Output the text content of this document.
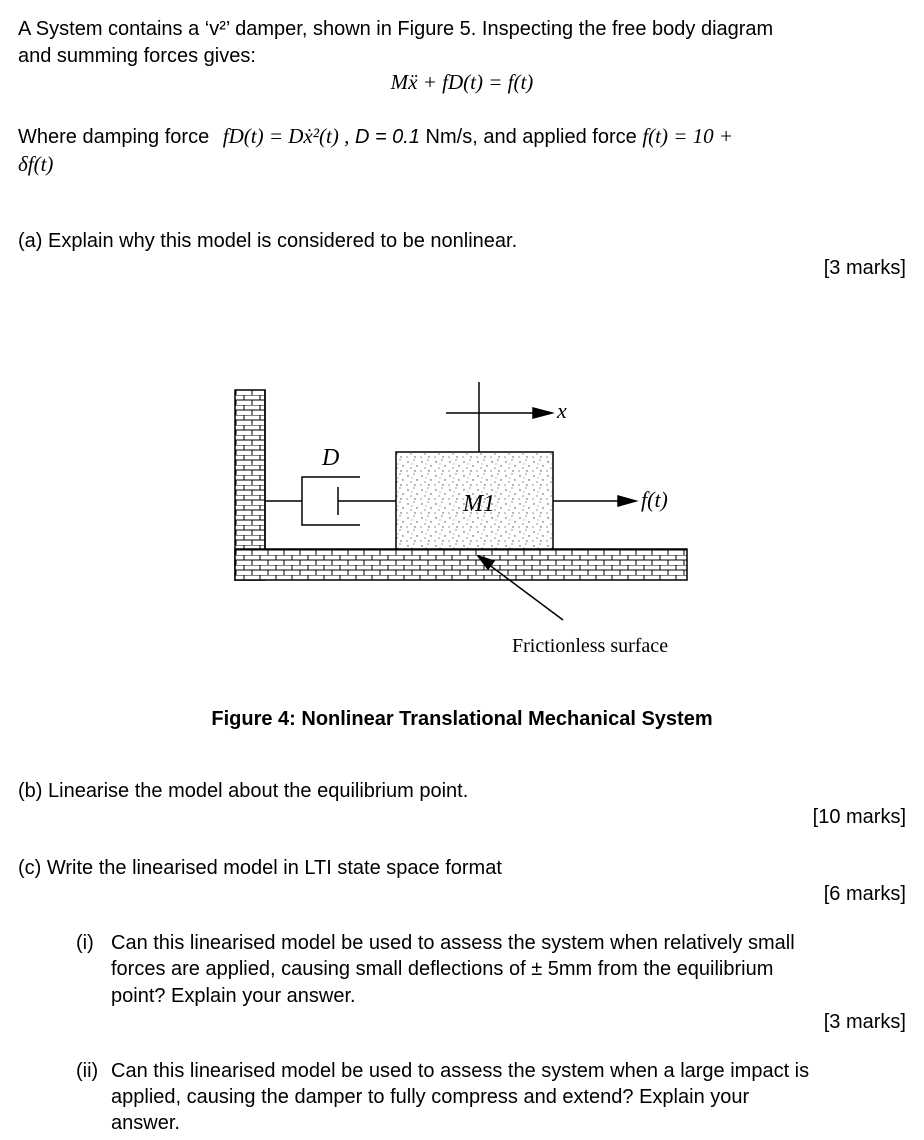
A System contains a ‘v²’ damper, shown in Figure 5. Inspecting the free body diagram
and summing forces gives:
Mẍ + fD(t) = f(t)
Where damping force fD(t) = Dẋ²(t) , D = 0.1 Nm/s, and applied force f(t) = 10 +
δf(t)
(a) Explain why this model is considered to be nonlinear.
[3 marks]
D
M1
x
f(t)
Frictionless surface
Figure 4: Nonlinear Translational Mechanical System
(b) Linearise the model about the equilibrium point.
[10 marks]
(c) Write the linearised model in LTI state space format
[6 marks]
(i) Can this linearised model be used to assess the system when relatively small
forces are applied, causing small deflections of ± 5mm from the equilibrium
point? Explain your answer.
[3 marks]
(ii) Can this linearised model be used to assess the system when a large impact is
applied, causing the damper to fully compress and extend? Explain your
answer.
